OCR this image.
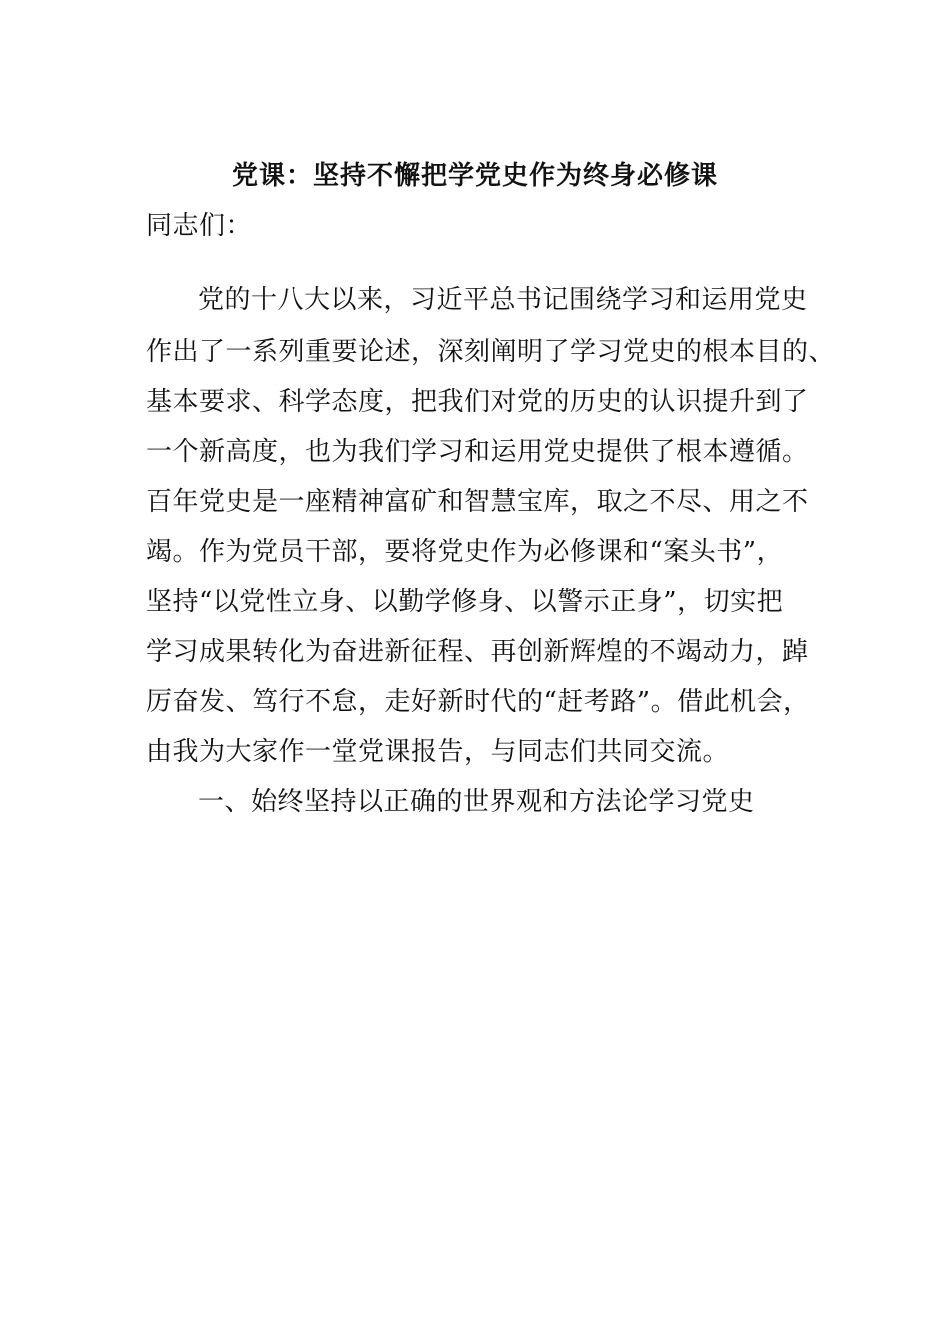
党课：坚持不懈把学党史作为终身必修课
同志们：
党的十八大以来，习近平总书记围绕学习和运用党史
作出了一系列重要论述，深刻阐明了学习党史的根本目的、
基本要求、科学态度，把我们对党的历史的认识提升到了
一个新高度，也为我们学习和运用党史提供了根本遵循。
百年党史是一座精神富矿和智慧宝库，取之不尽、用之不
竭。作为党员干部，要将党史作为必修课和“案头书”，
坚持“以党性立身、以勤学修身、以警示正身”，切实把
学习成果转化为奋进新征程、再创新辉煌的不竭动力，踔
厉奋发、笃行不怠，走好新时代的“赶考路”。借此机会，
由我为大家作一堂党课报告，与同志们共同交流。
一、始终坚持以正确的世界观和方法论学习党史
